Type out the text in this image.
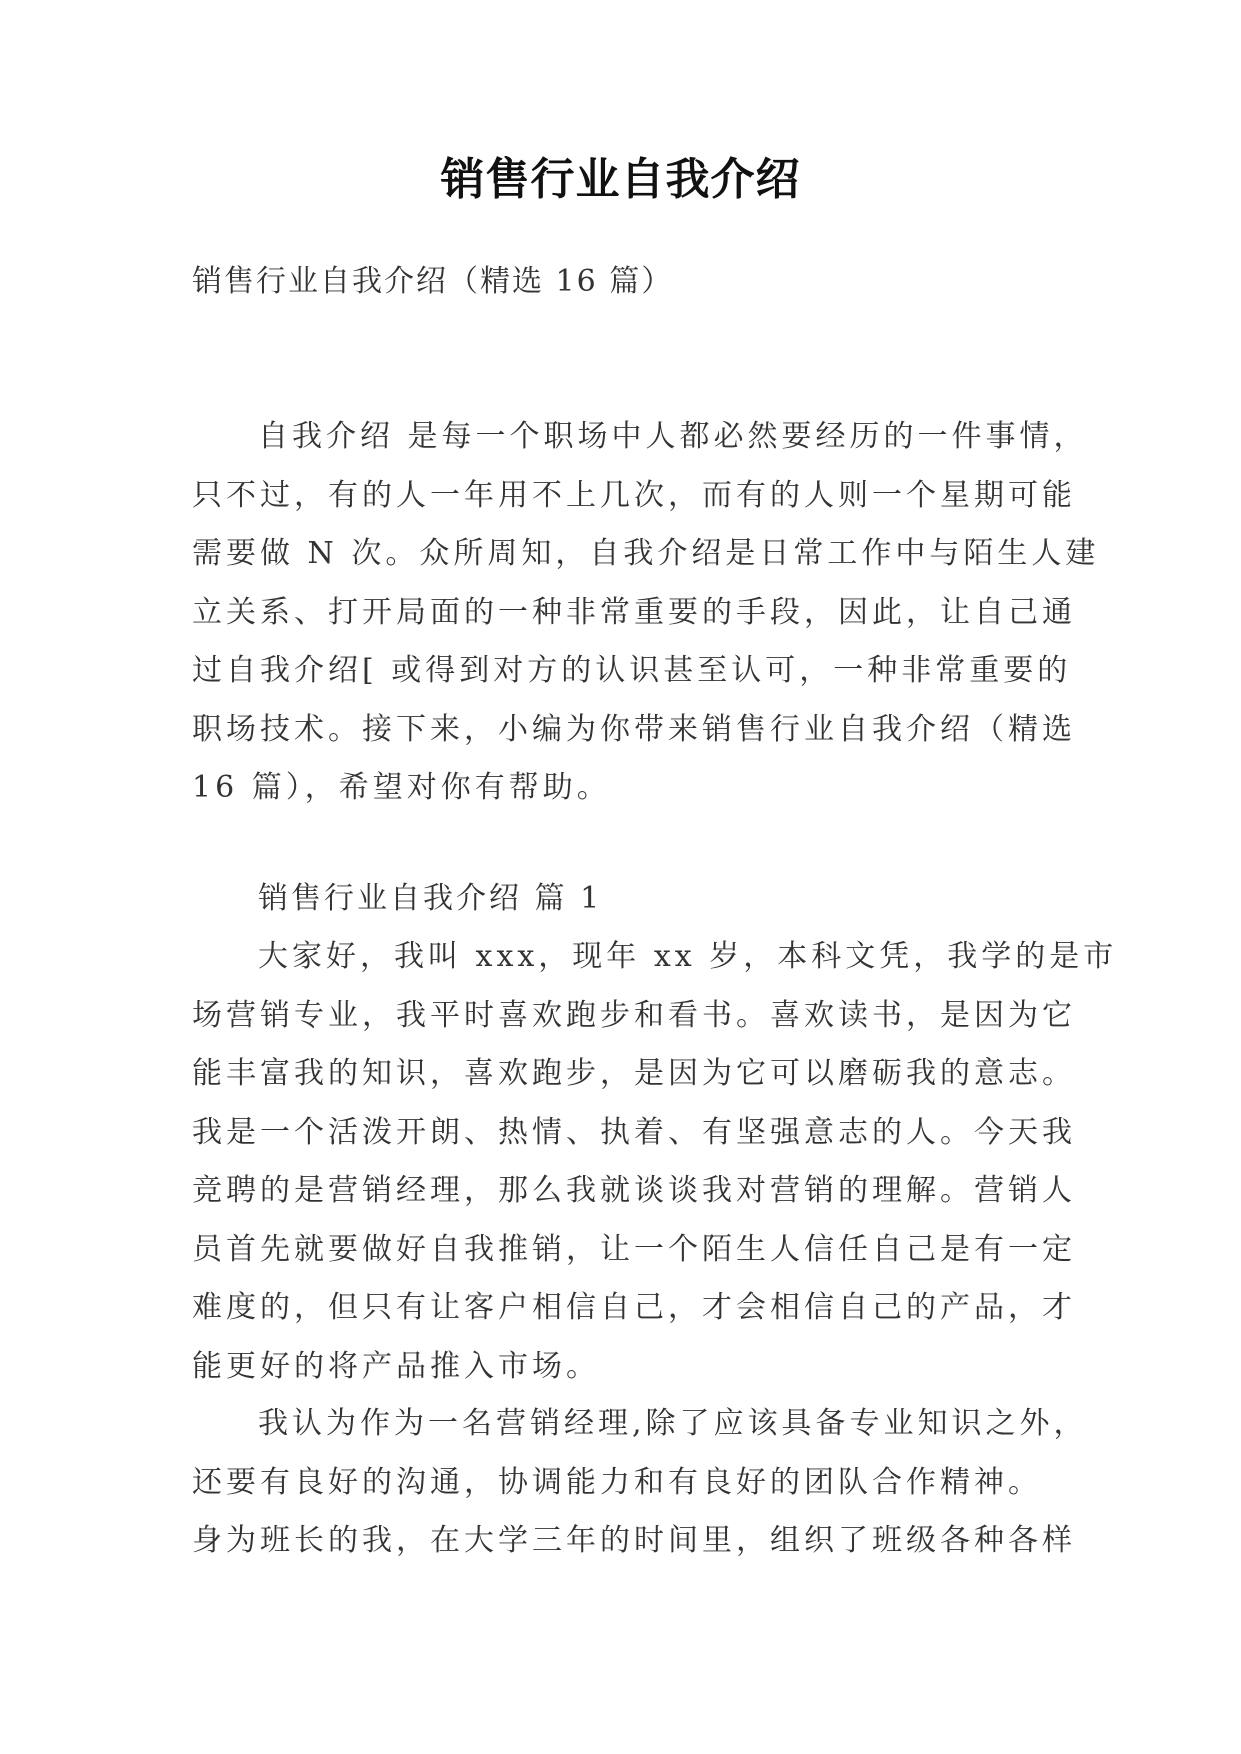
销售行业自我介绍
销售行业自我介绍（精选 16 篇）
自我介绍 是每一个职场中人都必然要经历的一件事情，
只不过，有的人一年用不上几次，而有的人则一个星期可能
需要做 N 次。众所周知，自我介绍是日常工作中与陌生人建
立关系、打开局面的一种非常重要的手段，因此，让自己通
过自我介绍[ 或得到对方的认识甚至认可，一种非常重要的
职场技术。接下来，小编为你带来销售行业自我介绍（精选
16 篇），希望对你有帮助。
销售行业自我介绍 篇 1
大家好，我叫 xxx，现年 xx 岁，本科文凭，我学的是市
场营销专业，我平时喜欢跑步和看书。喜欢读书，是因为它
能丰富我的知识，喜欢跑步，是因为它可以磨砺我的意志。
我是一个活泼开朗、热情、执着、有坚强意志的人。今天我
竞聘的是营销经理，那么我就谈谈我对营销的理解。营销人
员首先就要做好自我推销，让一个陌生人信任自己是有一定
难度的，但只有让客户相信自己，才会相信自己的产品，才
能更好的将产品推入市场。
我认为作为一名营销经理,除了应该具备专业知识之外，
还要有良好的沟通，协调能力和有良好的团队合作精神。
身为班长的我，在大学三年的时间里，组织了班级各种各样
